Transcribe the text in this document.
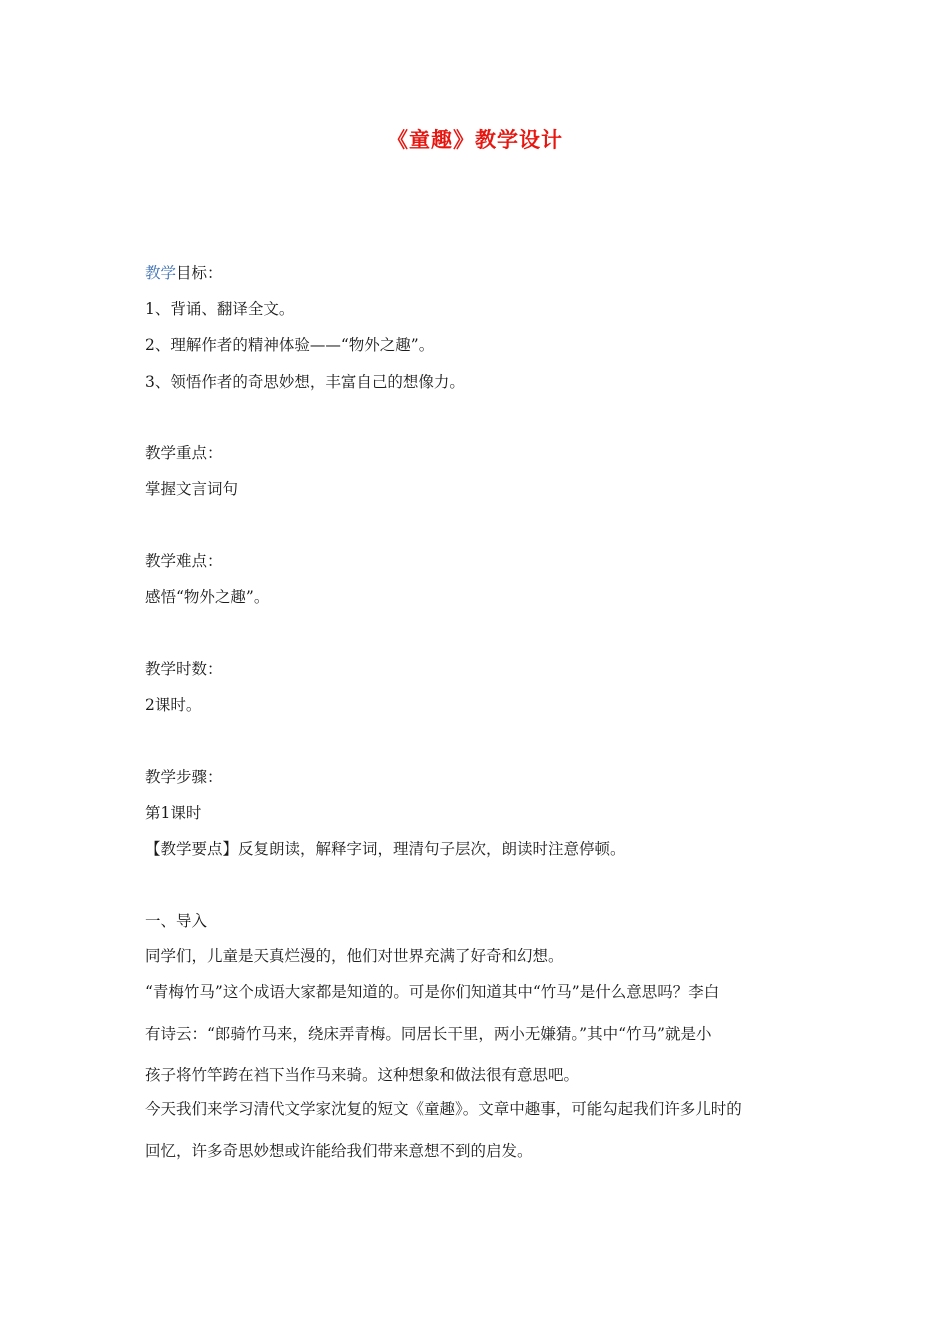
《童趣》教学设计
教学目标：
1、背诵、翻译全文。
2、理解作者的精神体验——“物外之趣”。
3、领悟作者的奇思妙想，丰富自己的想像力。
教学重点：
掌握文言词句
教学难点：
感悟“物外之趣”。
教学时数：
2课时。
教学步骤：
第1课时
【教学要点】反复朗读，解释字词，理清句子层次，朗读时注意停顿。
一、导入
同学们，儿童是天真烂漫的，他们对世界充满了好奇和幻想。
“青梅竹马”这个成语大家都是知道的。可是你们知道其中“竹马”是什么意思吗？李白
有诗云：“郎骑竹马来，绕床弄青梅。同居长干里，两小无嫌猜。”其中“竹马”就是小
孩子将竹竿跨在裆下当作马来骑。这种想象和做法很有意思吧。
今天我们来学习清代文学家沈复的短文《童趣》。文章中趣事，可能勾起我们许多儿时的
回忆，许多奇思妙想或许能给我们带来意想不到的启发。
